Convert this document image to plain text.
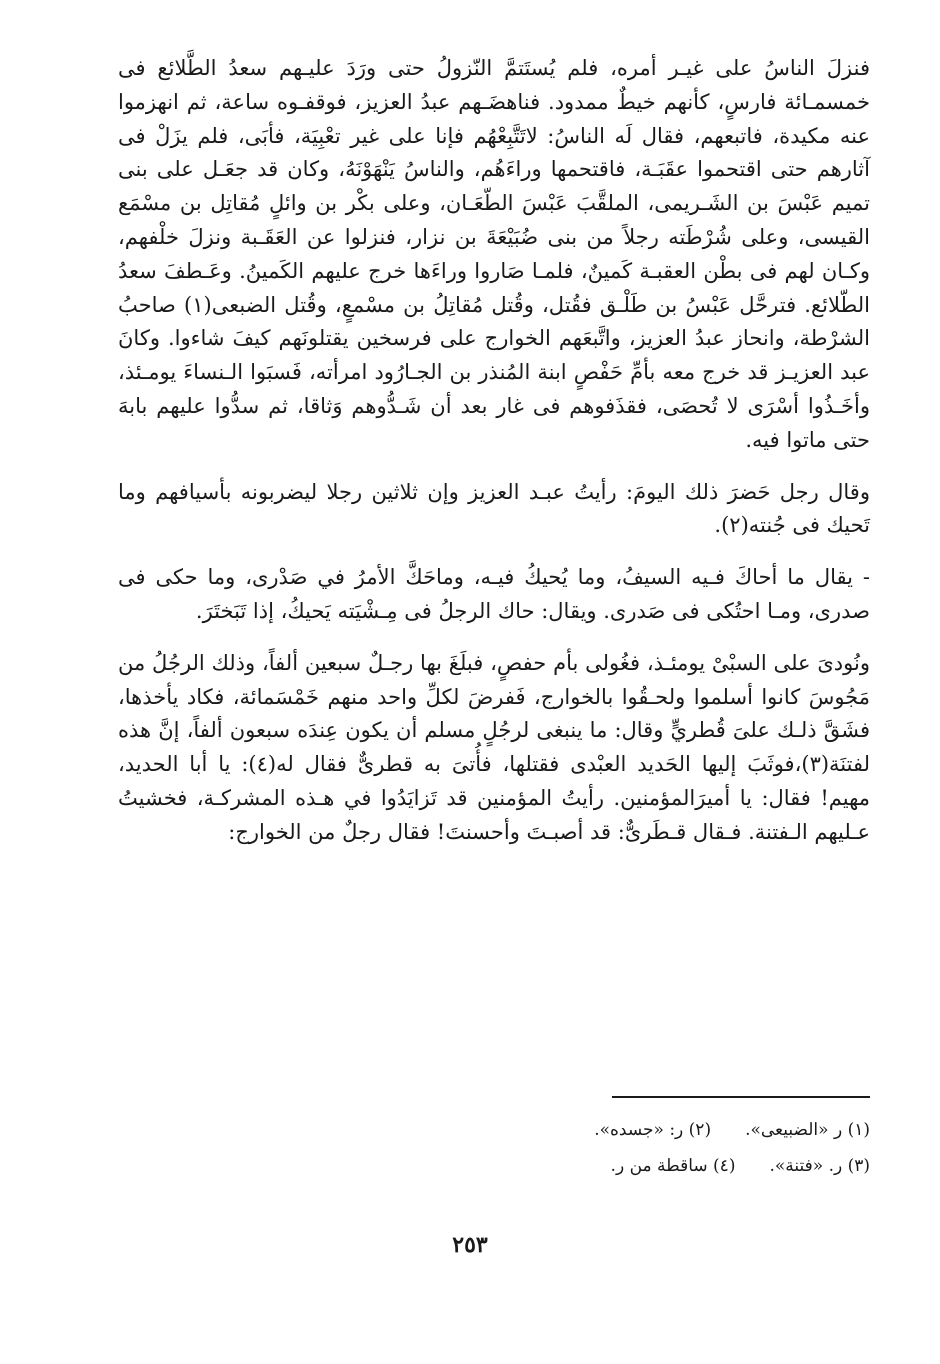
فنزلَ الناسُ على غيـر أمره، فلم يُستَتمَّ النّزولُ حتى ورَدَ عليـهم سعدُ الطَّلائع فى خمسمـائة فارسٍ، كأنهم خيطٌ ممدود. فناهضَـهم عبدُ العزيز، فوقفـوه ساعة، ثم انهزموا عنه مكيدة، فاتبعهم، فقال لَه الناسُ: لاتَتَّبِعْهُم فإنا على غير تعْبِيَة، فأبَى، فلم يزَلْ فى آثارهم حتى اقتحموا عقَبَـة، فاقتحمها وراءَهُم، والناسُ يَنْهَوْنَهُ، وكان قد جعَـل على بنى تميم عَبْسَ بن الشَـريمى، الملقَّبَ عَبْسَ الطّعَـان، وعلى بكْر بن وائلٍ مُقاتِل بن مسْمَع القيسى، وعلى شُرْطَته رجلاً من بنى ضُبَيْعَةَ بن نزار، فنزلوا عن العَقَـبة ونزلَ خلْفهم، وكـان لهم فى بطْن العقبـة كَمينٌ، فلمـا صَاروا وراءَها خرج عليهم الكَمينُ. وعَـطفَ سعدُ الطّلائع. فترحَّل عَبْسُ بن طَلْـق فقُتل، وقُتل مُقاتِلُ بن مسْمعٍ، وقُتل الضبعى(١) صاحبُ الشرْطة، وانحاز عبدُ العزيز، واتَّبعَهم الخوارج على فرسخين يقتلونَهم كيفَ شاءوا. وكانَ عبد العزيـز قد خرج معه بأمِّ حَفْصٍ ابنة المُنذر بن الجـارُود امرأته، فَسبَوا الـنساءَ يومـئذ، وأخَـذُوا أسْرَى لا تُحصَى، فقذَفوهم فى غار بعد أن شَـدُّوهم وَثاقا، ثم سدُّوا عليهم بابهَ حتى ماتوا فيه.

وقال رجل حَضرَ ذلك اليومَ: رأيتُ عبـد العزيز وإن ثلاثين رجلا ليضربونه بأسيافهم وما تَحيك فى جُنته(٢).

- يقال ما أحاكَ فـيه السيفُ، وما يُحيكُ فيـه، وماحَكَّ الأمرُ في صَدْرى، وما حكى فى صدرى، ومـا احتُكى فى صَدرى. ويقال: حاك الرجلُ فى مِـشْيَته يَحيكُ، إذا تَبَختَرَ.

ونُودىَ على السبْىْ يومئـذ، فغُولى بأم حفصٍ، فبلَغَ بها رجـلٌ سبعين ألفاً، وذلك الرجُلُ من مَجُوسَ كانوا أسلموا ولحـقُوا بالخوارج، فَفرضَ لكلِّ واحد منهم خَمْسَمائة، فكاد يأخذها، فشَقَّ ذلـك علىَ قُطريٍّ وقال: ما ينبغى لرجُلٍ مسلم أن يكون عِندَه سبعون ألفاً، إنَّ هذه لفتنَة(٣)،فوثَبَ إليها الحَديد العبْدى فقتلها، فأُتىَ به قطرىٌّ فقال له(٤): يا أبا الحديد، مهيم! فقال: يا أميرَالمؤمنين. رأيتُ المؤمنين قد تَزايَدُوا في هـذه المشركـة، فخشيتُ عـليهم الـفتنة. فـقال قـطَرىٌّ: قد أصبـتَ وأحسنتَ! فقال رجلٌ من الخوارج:

(١) ر «الضبيعى».
(٢) ر: «جسده».
(٣) ر. «فتنة».
(٤) ساقطة من ر.
٢٥٣
